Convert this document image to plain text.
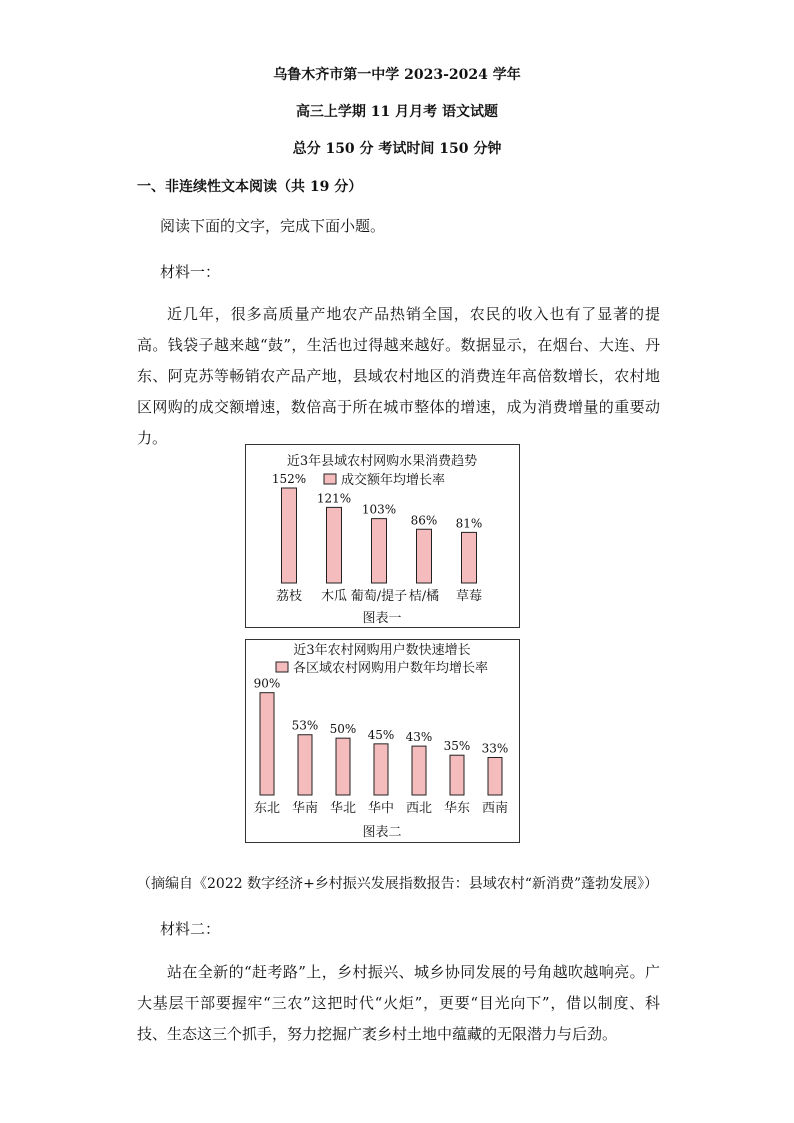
乌鲁木齐市第一中学 2023-2024 学年
高三上学期 11 月月考 语文试题
总分 150 分 考试时间 150 分钟
一、非连续性文本阅读（共 19 分）
阅读下面的文字，完成下面小题。
材料一：
近几年，很多高质量产地农产品热销全国，农民的收入也有了显著的提高。钱袋子越来越“鼓”，生活也过得越来越好。数据显示，在烟台、大连、丹东、阿克苏等畅销农产品产地，县域农村地区的消费连年高倍数增长，农村地区网购的成交额增速，数倍高于所在城市整体的增速，成为消费增量的重要动力。
近3年县域农村网购水果消费趋势
成交额年均增长率
152%
荔枝
121%
木瓜
103%
葡萄/提子
86%
桔/橘
81%
草莓
图表一
近3年农村网购用户数快速增长
各区域农村网购用户数年均增长率
90%
东北
53%
华南
50%
华北
45%
华中
43%
西北
35%
华东
33%
西南
图表二
（摘编自《2022 数字经济+乡村振兴发展指数报告：县域农村“新消费”蓬勃发展》）
材料二：
站在全新的“赶考路”上，乡村振兴、城乡协同发展的号角越吹越响亮。广大基层干部要握牢“三农”这把时代“火炬”，更要“目光向下”，借以制度、科技、生态这三个抓手，努力挖掘广袤乡村土地中蕴藏的无限潜力与后劲。
